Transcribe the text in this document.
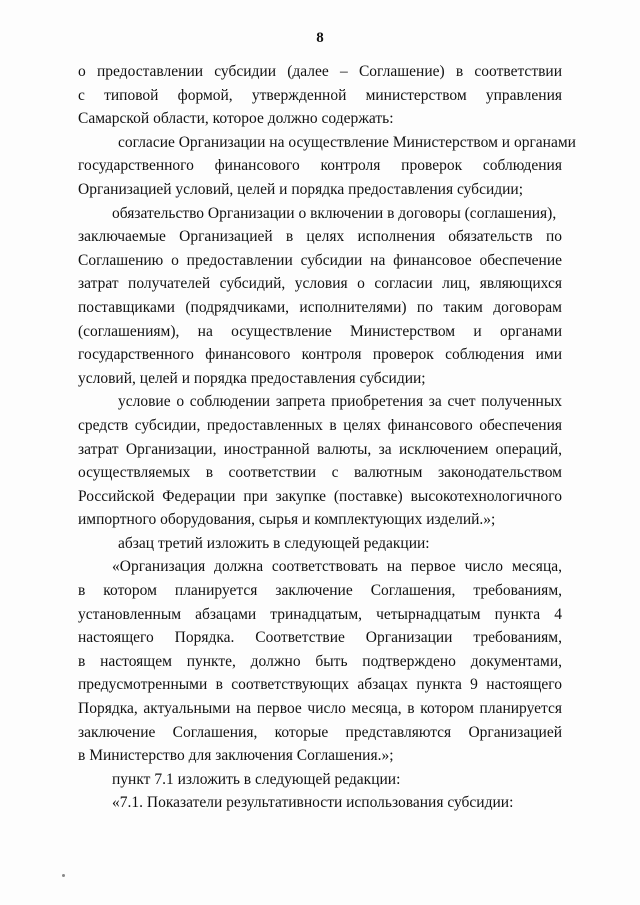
8
о предоставлении субсидии (далее – Соглашение) в соответствии
с типовой формой, утвержденной министерством управления
Самарской области, которое должно содержать:
согласие Организации на осуществление Министерством и органами
государственного финансового контроля проверок соблюдения
Организацией условий, целей и порядка предоставления субсидии;
обязательство Организации о включении в договоры (соглашения),
заключаемые Организацией в целях исполнения обязательств по
Соглашению о предоставлении субсидии на финансовое обеспечение
затрат получателей субсидий, условия о согласии лиц, являющихся
поставщиками (подрядчиками, исполнителями) по таким договорам
(соглашениям), на осуществление Министерством и органами
государственного финансового контроля проверок соблюдения ими
условий, целей и порядка предоставления субсидии;
условие о соблюдении запрета приобретения за счет полученных
средств субсидии, предоставленных в целях финансового обеспечения
затрат Организации, иностранной валюты, за исключением операций,
осуществляемых в соответствии с валютным законодательством
Российской Федерации при закупке (поставке) высокотехнологичного
импортного оборудования, сырья и комплектующих изделий.»;
абзац третий изложить в следующей редакции:
«Организация должна соответствовать на первое число месяца,
в котором планируется заключение Соглашения, требованиям,
установленным абзацами тринадцатым, четырнадцатым пункта 4
настоящего Порядка. Соответствие Организации требованиям,
в настоящем пункте, должно быть подтверждено документами,
предусмотренными в соответствующих абзацах пункта 9 настоящего
Порядка, актуальными на первое число месяца, в котором планируется
заключение Соглашения, которые представляются Организацией
в Министерство для заключения Соглашения.»;
пункт 7.1 изложить в следующей редакции:
«7.1. Показатели результативности использования субсидии:
